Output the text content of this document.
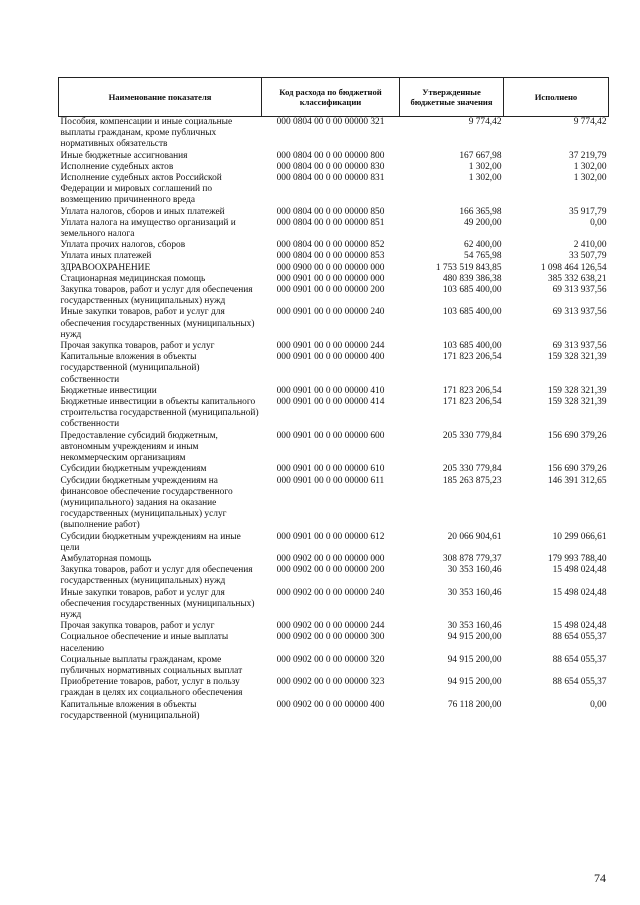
Наименование показателя	Код расхода по бюджетной классификации	Утвержденные бюджетные значения	Исполнено
Пособия, компенсации и иные социальные выплаты гражданам, кроме публичных нормативных обязательств	000 0804 00 0 00 00000 321	9 774,42	9 774,42
Иные бюджетные ассигнования	000 0804 00 0 00 00000 800	167 667,98	37 219,79
Исполнение судебных актов	000 0804 00 0 00 00000 830	1 302,00	1 302,00
Исполнение судебных актов Российской Федерации и мировых соглашений по возмещению причиненного вреда	000 0804 00 0 00 00000 831	1 302,00	1 302,00
Уплата налогов, сборов и иных платежей	000 0804 00 0 00 00000 850	166 365,98	35 917,79
Уплата налога на имущество организаций и земельного налога	000 0804 00 0 00 00000 851	49 200,00	0,00
Уплата прочих налогов, сборов	000 0804 00 0 00 00000 852	62 400,00	2 410,00
Уплата иных платежей	000 0804 00 0 00 00000 853	54 765,98	33 507,79
ЗДРАВООХРАНЕНИЕ	000 0900 00 0 00 00000 000	1 753 519 843,85	1 098 464 126,54
Стационарная медицинская помощь	000 0901 00 0 00 00000 000	480 839 386,38	385 332 638,21
Закупка товаров, работ и услуг для обеспечения государственных (муниципальных) нужд	000 0901 00 0 00 00000 200	103 685 400,00	69 313 937,56
Иные закупки товаров, работ и услуг для обеспечения государственных (муниципальных) нужд	000 0901 00 0 00 00000 240	103 685 400,00	69 313 937,56
Прочая закупка товаров, работ и услуг	000 0901 00 0 00 00000 244	103 685 400,00	69 313 937,56
Капитальные вложения в объекты государственной (муниципальной) собственности	000 0901 00 0 00 00000 400	171 823 206,54	159 328 321,39
Бюджетные инвестиции	000 0901 00 0 00 00000 410	171 823 206,54	159 328 321,39
Бюджетные инвестиции в объекты капитального строительства государственной (муниципальной) собственности	000 0901 00 0 00 00000 414	171 823 206,54	159 328 321,39
Предоставление субсидий бюджетным, автономным учреждениям и иным некоммерческим организациям	000 0901 00 0 00 00000 600	205 330 779,84	156 690 379,26
Субсидии бюджетным учреждениям	000 0901 00 0 00 00000 610	205 330 779,84	156 690 379,26
Субсидии бюджетным учреждениям на финансовое обеспечение государственного (муниципального) задания на оказание государственных (муниципальных) услуг (выполнение работ)	000 0901 00 0 00 00000 611	185 263 875,23	146 391 312,65
Субсидии бюджетным учреждениям на иные цели	000 0901 00 0 00 00000 612	20 066 904,61	10 299 066,61
Амбулаторная помощь	000 0902 00 0 00 00000 000	308 878 779,37	179 993 788,40
Закупка товаров, работ и услуг для обеспечения государственных (муниципальных) нужд	000 0902 00 0 00 00000 200	30 353 160,46	15 498 024,48
Иные закупки товаров, работ и услуг для обеспечения государственных (муниципальных) нужд	000 0902 00 0 00 00000 240	30 353 160,46	15 498 024,48
Прочая закупка товаров, работ и услуг	000 0902 00 0 00 00000 244	30 353 160,46	15 498 024,48
Социальное обеспечение и иные выплаты населению	000 0902 00 0 00 00000 300	94 915 200,00	88 654 055,37
Социальные выплаты гражданам, кроме публичных нормативных социальных выплат	000 0902 00 0 00 00000 320	94 915 200,00	88 654 055,37
Приобретение товаров, работ, услуг в пользу граждан в целях их социального обеспечения	000 0902 00 0 00 00000 323	94 915 200,00	88 654 055,37
Капитальные вложения в объекты государственной (муниципальной)	000 0902 00 0 00 00000 400	76 118 200,00	0,00
74
